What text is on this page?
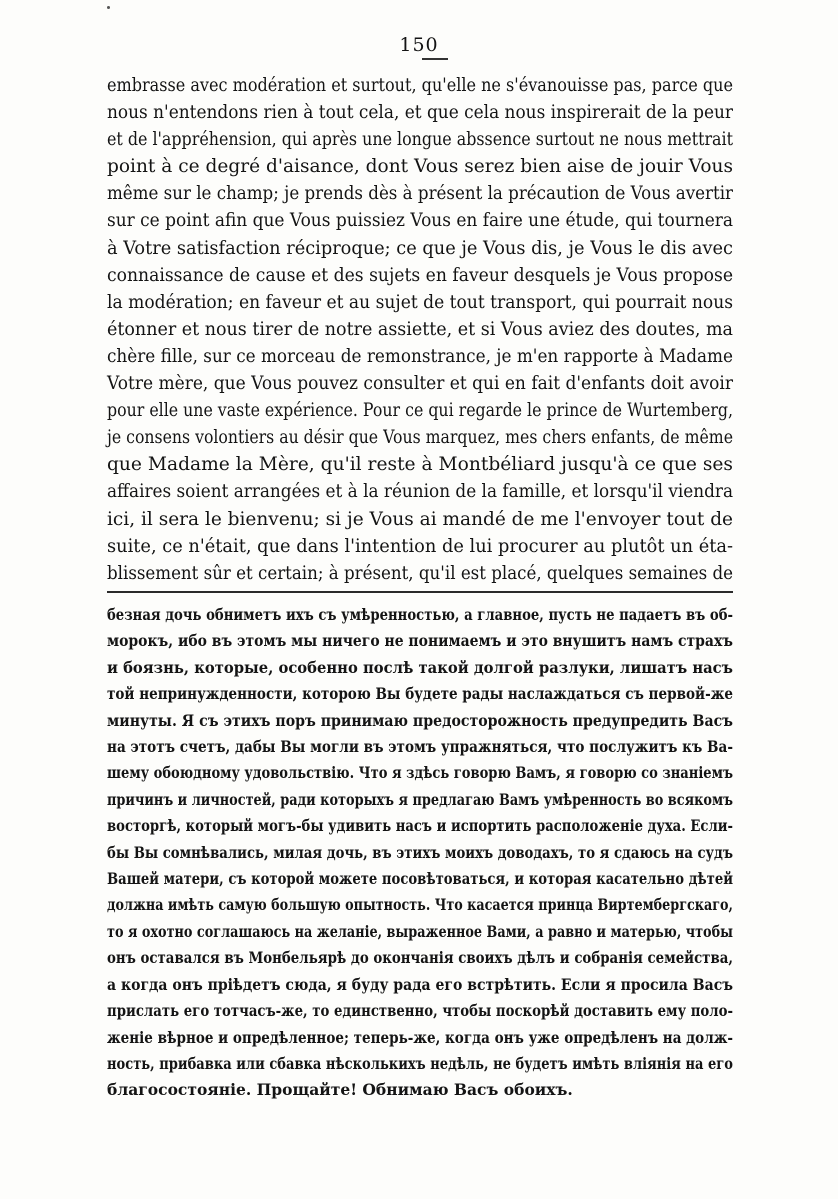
150
embrasse avec modération et surtout, qu'elle ne s'évanouisse pas, parce que
nous n'entendons rien à tout cela, et que cela nous inspirerait de la peur
et de l'appréhension, qui après une longue abssence surtout ne nous mettrait
point à ce degré d'aisance, dont Vous serez bien aise de jouir Vous
même sur le champ; je prends dès à présent la précaution de Vous avertir
sur ce point afin que Vous puissiez Vous en faire une étude, qui tournera
à Votre satisfaction réciproque; ce que je Vous dis, je Vous le dis avec
connaissance de cause et des sujets en faveur desquels je Vous propose
la modération; en faveur et au sujet de tout transport, qui pourrait nous
étonner et nous tirer de notre assiette, et si Vous aviez des doutes, ma
chère fille, sur ce morceau de remonstrance, je m'en rapporte à Madame
Votre mère, que Vous pouvez consulter et qui en fait d'enfants doit avoir
pour elle une vaste expérience. Pour ce qui regarde le prince de Wurtemberg,
je consens volontiers au désir que Vous marquez, mes chers enfants, de même
que Madame la Mère, qu'il reste à Montbéliard jusqu'à ce que ses
affaires soient arrangées et à la réunion de la famille, et lorsqu'il viendra
ici, il sera le bienvenu; si je Vous ai mandé de me l'envoyer tout de
suite, ce n'était, que dans l'intention de lui procurer au plutôt un éta-
blissement sûr et certain; à présent, qu'il est placé, quelques semaines de
безная дочь обниметъ ихъ съ умѣренностью, а главное, пусть не падаетъ въ об-
морокъ, ибо въ этомъ мы ничего не понимаемъ и это внушитъ намъ страхъ
и боязнь, которые, особенно послѣ такой долгой разлуки, лишатъ насъ
той непринужденности, которою Вы будете рады наслаждаться съ первой-же
минуты. Я съ этихъ поръ принимаю предосторожность предупредить Васъ
на этотъ счетъ, дабы Вы могли въ этомъ упражняться, что послужитъ къ Ва-
шему обоюдному удовольствію. Что я здѣсь говорю Вамъ, я говорю со знаніемъ
причинъ и личностей, ради которыхъ я предлагаю Вамъ умѣренность во всякомъ
восторгѣ, который могъ-бы удивить насъ и испортить расположеніе духа. Если-
бы Вы сомнѣвались, милая дочь, въ этихъ моихъ доводахъ, то я сдаюсь на судъ
Вашей матери, съ которой можете посовѣтоваться, и которая касательно дѣтей
должна имѣть самую большую опытность. Что касается принца Виртембергскаго,
то я охотно соглашаюсь на желаніе, выраженное Вами, а равно и матерью, чтобы
онъ оставался въ Монбельярѣ до окончанія своихъ дѣлъ и собранія семейства,
а когда онъ пріѣдетъ сюда, я буду рада его встрѣтить. Если я просила Васъ
прислать его тотчасъ-же, то единственно, чтобы поскорѣй доставить ему поло-
женіе вѣрное и опредѣленное; теперь-же, когда онъ уже опредѣленъ на долж-
ность, прибавка или сбавка нѣсколькихъ недѣль, не будетъ имѣть вліянія на его
благосостояніе. Прощайте! Обнимаю Васъ обоихъ.
